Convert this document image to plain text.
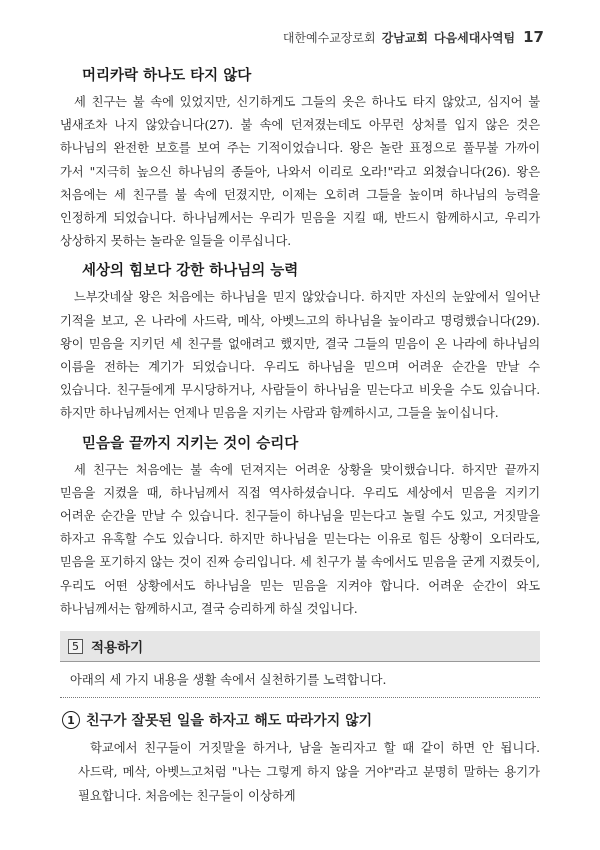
대한예수교장로회 강남교회 다음세대사역팀 17
머리카락 하나도 타지 않다

세 친구는 불 속에 있었지만, 신기하게도 그들의 옷은 하나도 타지 않았고, 심지어 불 냄새조차 나지 않았습니다(27). 불 속에 던져졌는데도 아무런 상처를 입지 않은 것은 하나님의 완전한 보호를 보여 주는 기적이었습니다. 왕은 놀란 표정으로 풀무불 가까이 가서 "지극히 높으신 하나님의 종들아, 나와서 이리로 오라!"라고 외쳤습니다(26). 왕은 처음에는 세 친구를 불 속에 던졌지만, 이제는 오히려 그들을 높이며 하나님의 능력을 인정하게 되었습니다. 하나님께서는 우리가 믿음을 지킬 때, 반드시 함께하시고, 우리가 상상하지 못하는 놀라운 일들을 이루십니다.

세상의 힘보다 강한 하나님의 능력

느부갓네살 왕은 처음에는 하나님을 믿지 않았습니다. 하지만 자신의 눈앞에서 일어난 기적을 보고, 온 나라에 사드락, 메삭, 아벳느고의 하나님을 높이라고 명령했습니다(29). 왕이 믿음을 지키던 세 친구를 없애려고 했지만, 결국 그들의 믿음이 온 나라에 하나님의 이름을 전하는 계기가 되었습니다. 우리도 하나님을 믿으며 어려운 순간을 만날 수 있습니다. 친구들에게 무시당하거나, 사람들이 하나님을 믿는다고 비웃을 수도 있습니다. 하지만 하나님께서는 언제나 믿음을 지키는 사람과 함께하시고, 그들을 높이십니다.

믿음을 끝까지 지키는 것이 승리다

세 친구는 처음에는 불 속에 던져지는 어려운 상황을 맞이했습니다. 하지만 끝까지 믿음을 지켰을 때, 하나님께서 직접 역사하셨습니다. 우리도 세상에서 믿음을 지키기 어려운 순간을 만날 수 있습니다. 친구들이 하나님을 믿는다고 놀릴 수도 있고, 거짓말을 하자고 유혹할 수도 있습니다. 하지만 하나님을 믿는다는 이유로 힘든 상황이 오더라도, 믿음을 포기하지 않는 것이 진짜 승리입니다. 세 친구가 불 속에서도 믿음을 굳게 지켰듯이, 우리도 어떤 상황에서도 하나님을 믿는 믿음을 지켜야 합니다. 어려운 순간이 와도 하나님께서는 함께하시고, 결국 승리하게 하실 것입니다.

5 적용하기
아래의 세 가지 내용을 생활 속에서 실천하기를 노력합니다.
1 친구가 잘못된 일을 하자고 해도 따라가지 않기

학교에서 친구들이 거짓말을 하거나, 남을 놀리자고 할 때 같이 하면 안 됩니다. 사드락, 메삭, 아벳느고처럼 "나는 그렇게 하지 않을 거야"라고 분명히 말하는 용기가 필요합니다. 처음에는 친구들이 이상하게
